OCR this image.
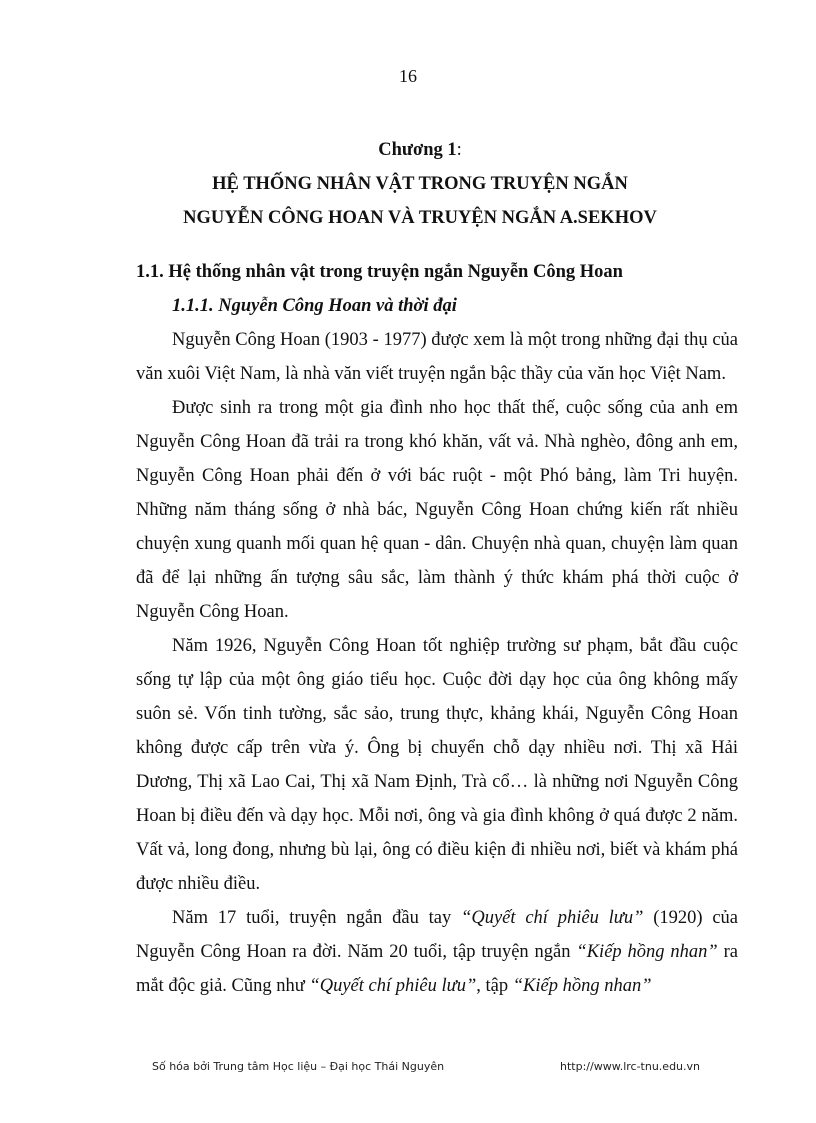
16
Chương 1:
HỆ THỐNG NHÂN VẬT TRONG TRUYỆN NGẮN
NGUYỄN CÔNG HOAN VÀ TRUYỆN NGẮN A.SEKHOV
1.1. Hệ thống nhân vật trong truyện ngắn Nguyễn Công Hoan
1.1.1. Nguyễn Công Hoan và thời đại

Nguyễn Công Hoan (1903 - 1977) được xem là một trong những đại thụ của văn xuôi Việt Nam, là nhà văn viết truyện ngắn bậc thầy của văn học Việt Nam.

Được sinh ra trong một gia đình nho học thất thế, cuộc sống của anh em Nguyễn Công Hoan đã trải ra trong khó khăn, vất vả. Nhà nghèo, đông anh em, Nguyễn Công Hoan phải đến ở với bác ruột - một Phó bảng, làm Tri huyện. Những năm tháng sống ở nhà bác, Nguyễn Công Hoan chứng kiến rất nhiều chuyện xung quanh mối quan hệ quan - dân. Chuyện nhà quan, chuyện làm quan đã để lại những ấn tượng sâu sắc, làm thành ý thức khám phá thời cuộc ở Nguyễn Công Hoan.

Năm 1926, Nguyễn Công Hoan tốt nghiệp trường sư phạm, bắt đầu cuộc sống tự lập của một ông giáo tiểu học. Cuộc đời dạy học của ông không mấy suôn sẻ. Vốn tinh tường, sắc sảo, trung thực, khảng khái, Nguyễn Công Hoan không được cấp trên vừa ý. Ông bị chuyển chỗ dạy nhiều nơi. Thị xã Hải Dương, Thị xã Lao Cai, Thị xã Nam Định, Trà cổ… là những nơi Nguyễn Công Hoan bị điều đến và dạy học. Mỗi nơi, ông và gia đình không ở quá được 2 năm. Vất vả, long đong, nhưng bù lại, ông có điều kiện đi nhiều nơi, biết và khám phá được nhiều điều.

Năm 17 tuổi, truyện ngắn đầu tay “Quyết chí phiêu lưu” (1920) của Nguyễn Công Hoan ra đời. Năm 20 tuổi, tập truyện ngắn “Kiếp hồng nhan” ra mắt độc giả. Cũng như “Quyết chí phiêu lưu”, tập “Kiếp hồng nhan”

Số hóa bởi Trung tâm Học liệu – Đại học Thái Nguyên	http://www.lrc-tnu.edu.vn
